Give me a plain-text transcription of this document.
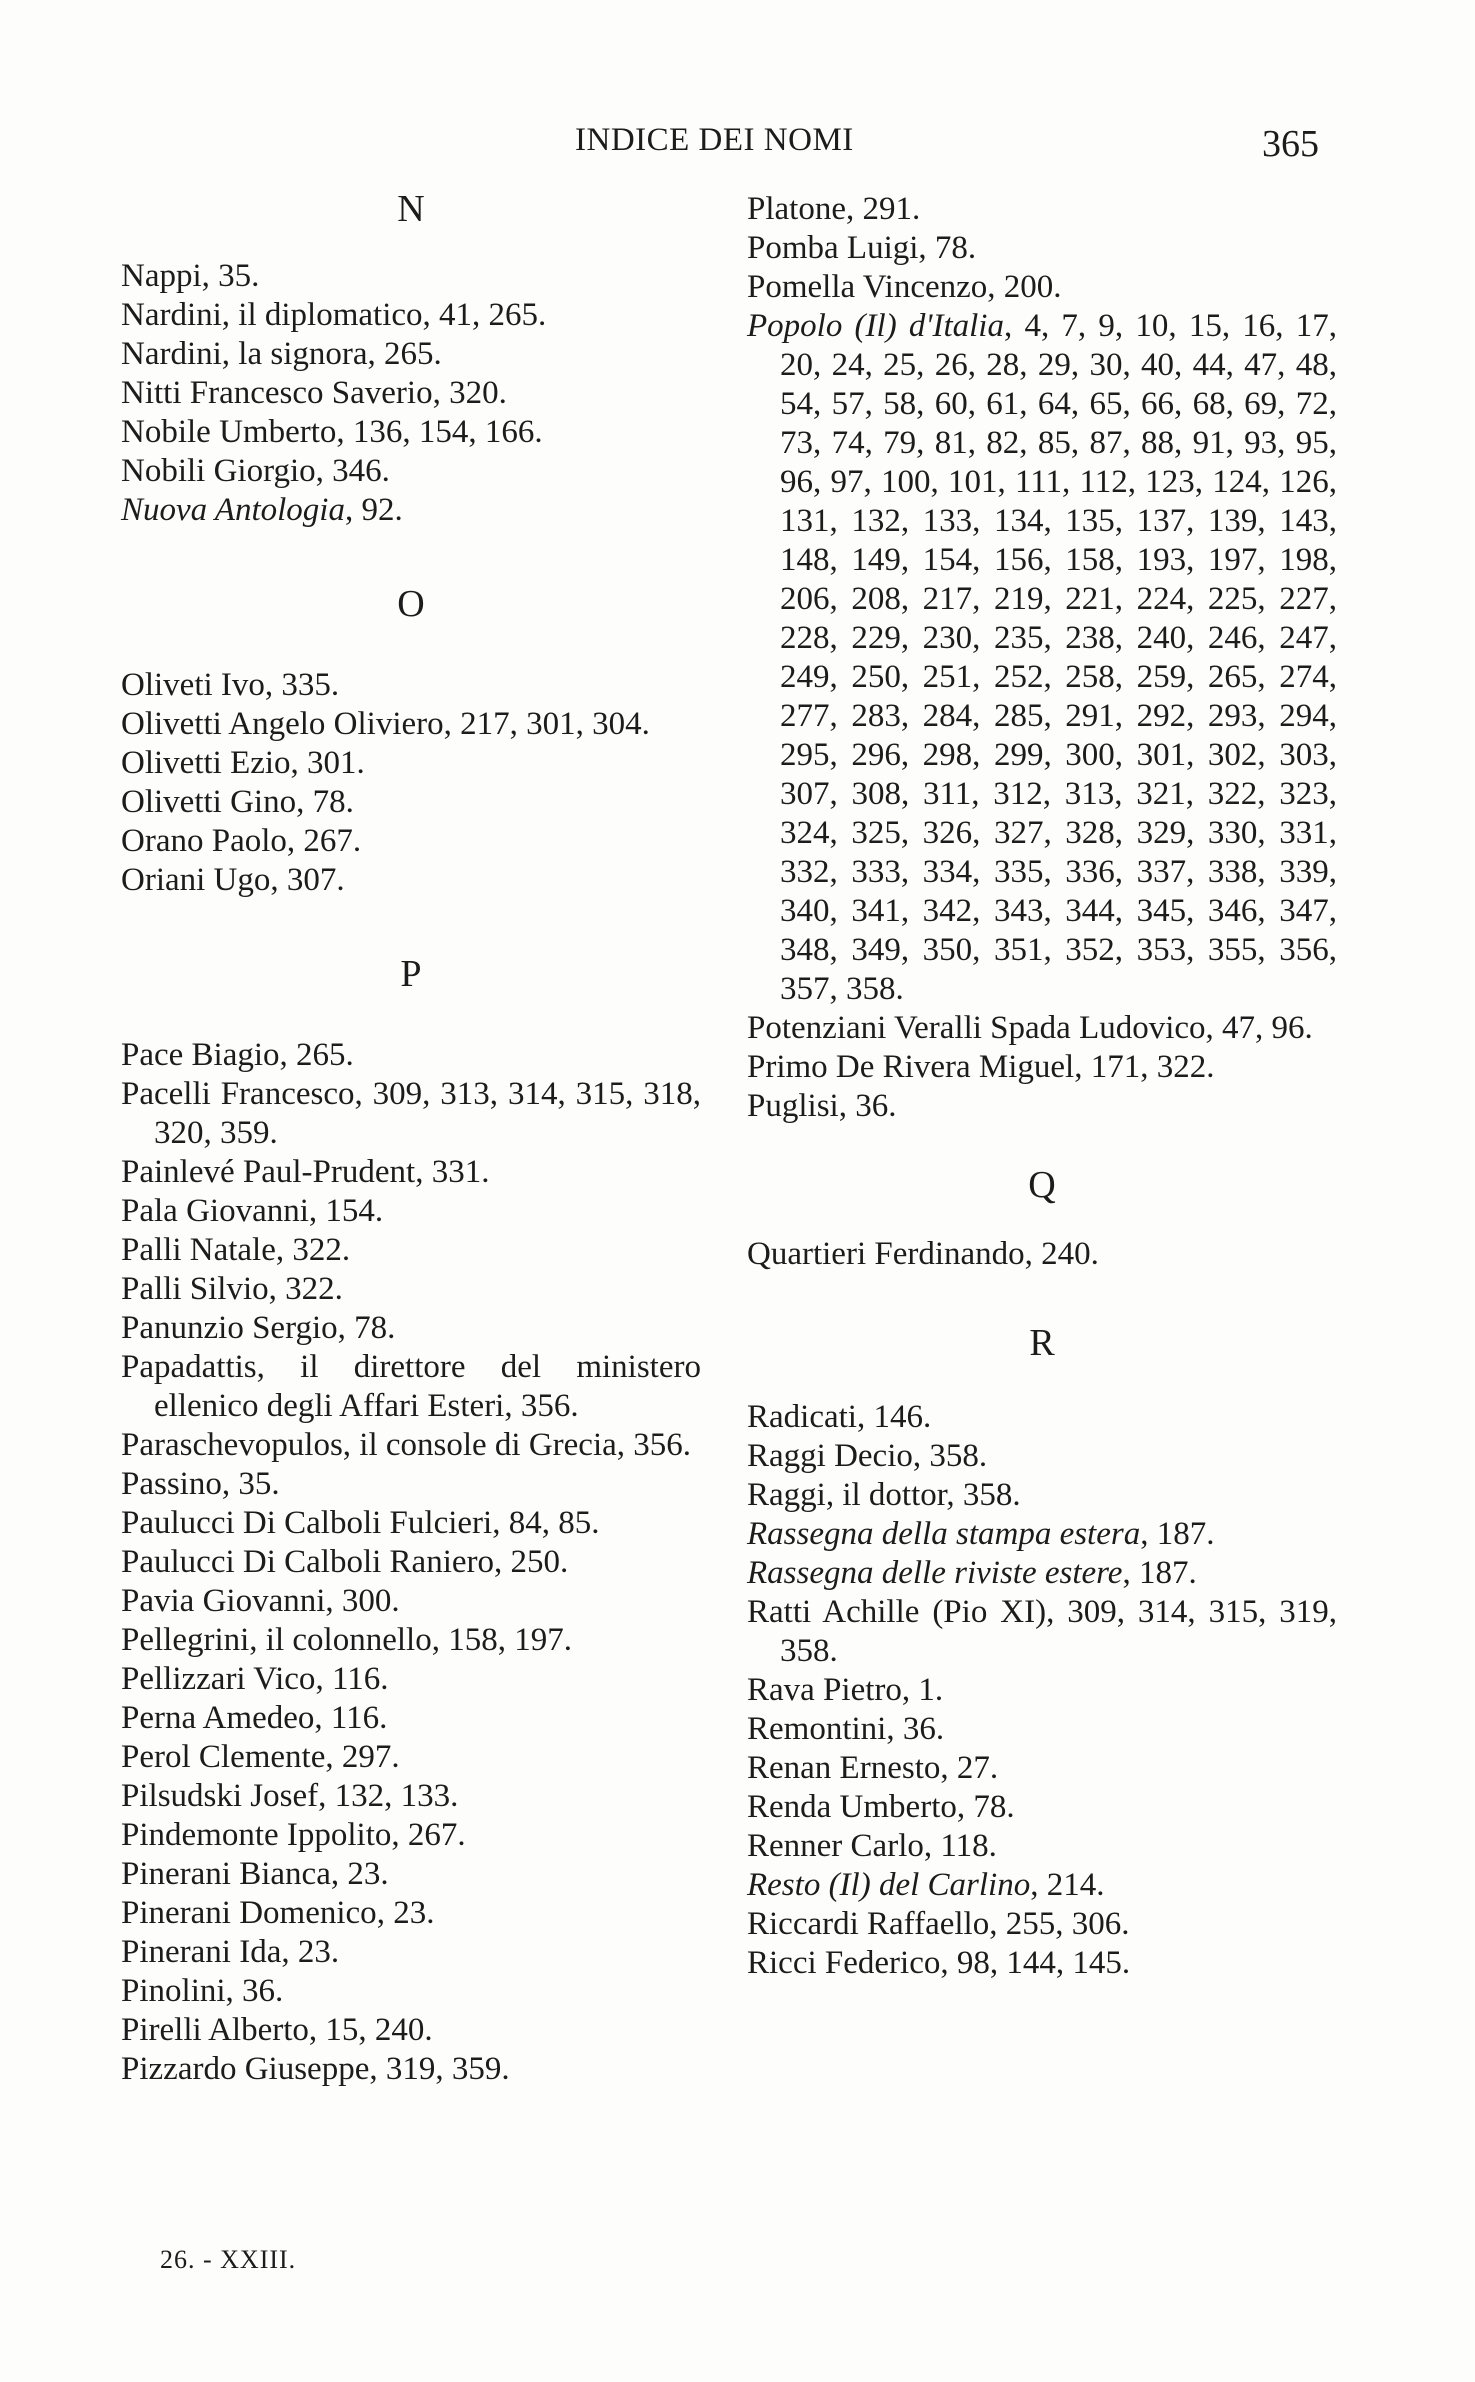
INDICE DEI NOMI	365
N
Nappi, 35.
Nardini, il diplomatico, 41, 265.
Nardini, la signora, 265.
Nitti Francesco Saverio, 320.
Nobile Umberto, 136, 154, 166.
Nobili Giorgio, 346.
Nuova Antologia, 92.
O
Oliveti Ivo, 335.
Olivetti Angelo Oliviero, 217, 301, 304.
Olivetti Ezio, 301.
Olivetti Gino, 78.
Orano Paolo, 267.
Oriani Ugo, 307.
P
Pace Biagio, 265.
Pacelli Francesco, 309, 313, 314, 315, 318, 320, 359.
Painlevé Paul-Prudent, 331.
Pala Giovanni, 154.
Palli Natale, 322.
Palli Silvio, 322.
Panunzio Sergio, 78.
Papadattis, il direttore del ministero ellenico degli Affari Esteri, 356.
Paraschevopulos, il console di Grecia, 356.
Passino, 35.
Paulucci Di Calboli Fulcieri, 84, 85.
Paulucci Di Calboli Raniero, 250.
Pavia Giovanni, 300.
Pellegrini, il colonnello, 158, 197.
Pellizzari Vico, 116.
Perna Amedeo, 116.
Perol Clemente, 297.
Pilsudski Josef, 132, 133.
Pindemonte Ippolito, 267.
Pinerani Bianca, 23.
Pinerani Domenico, 23.
Pinerani Ida, 23.
Pinolini, 36.
Pirelli Alberto, 15, 240.
Pizzardo Giuseppe, 319, 359.
Platone, 291.
Pomba Luigi, 78.
Pomella Vincenzo, 200.
Popolo (Il) d'Italia, 4, 7, 9, 10, 15, 16, 17, 20, 24, 25, 26, 28, 29, 30, 40, 44, 47, 48, 54, 57, 58, 60, 61, 64, 65, 66, 68, 69, 72, 73, 74, 79, 81, 82, 85, 87, 88, 91, 93, 95, 96, 97, 100, 101, 111, 112, 123, 124, 126, 131, 132, 133, 134, 135, 137, 139, 143, 148, 149, 154, 156, 158, 193, 197, 198, 206, 208, 217, 219, 221, 224, 225, 227, 228, 229, 230, 235, 238, 240, 246, 247, 249, 250, 251, 252, 258, 259, 265, 274, 277, 283, 284, 285, 291, 292, 293, 294, 295, 296, 298, 299, 300, 301, 302, 303, 307, 308, 311, 312, 313, 321, 322, 323, 324, 325, 326, 327, 328, 329, 330, 331, 332, 333, 334, 335, 336, 337, 338, 339, 340, 341, 342, 343, 344, 345, 346, 347, 348, 349, 350, 351, 352, 353, 355, 356, 357, 358.
Potenziani Veralli Spada Ludovico, 47, 96.
Primo De Rivera Miguel, 171, 322.
Puglisi, 36.
Q
Quartieri Ferdinando, 240.
R
Radicati, 146.
Raggi Decio, 358.
Raggi, il dottor, 358.
Rassegna della stampa estera, 187.
Rassegna delle riviste estere, 187.
Ratti Achille (Pio XI), 309, 314, 315, 319, 358.
Rava Pietro, 1.
Remontini, 36.
Renan Ernesto, 27.
Renda Umberto, 78.
Renner Carlo, 118.
Resto (Il) del Carlino, 214.
Riccardi Raffaello, 255, 306.
Ricci Federico, 98, 144, 145.
26. - XXIII.
